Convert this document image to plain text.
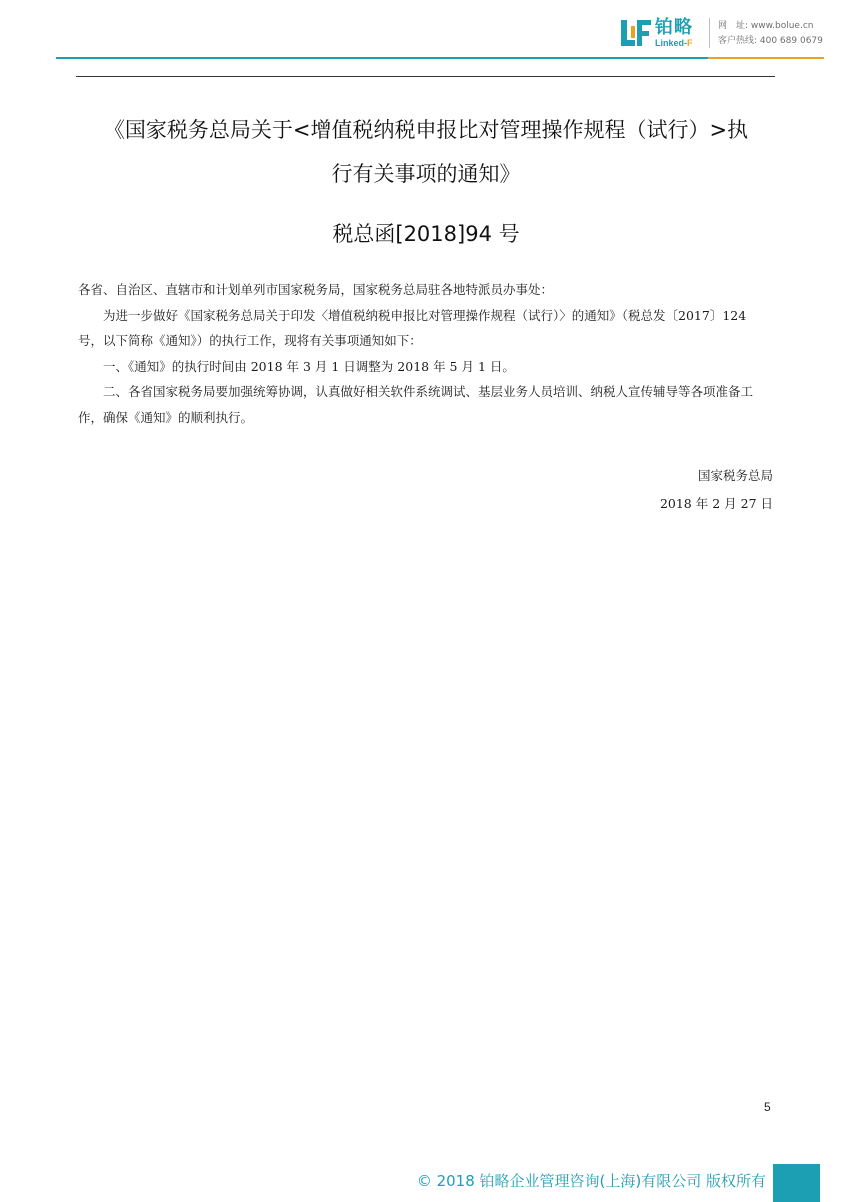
铂略
Linked-F
网　址: www.bolue.cn
客户热线: 400 689 0679
《国家税务总局关于<增值税纳税申报比对管理操作规程（试行）>执
行有关事项的通知》
税总函[2018]94 号

各省、自治区、直辖市和计划单列市国家税务局，国家税务总局驻各地特派员办事处：

为进一步做好《国家税务总局关于印发〈增值税纳税申报比对管理操作规程（试行）〉的通知》（税总发〔2017〕124 号，以下简称《通知》）的执行工作，现将有关事项通知如下：

一、《通知》的执行时间由 2018 年 3 月 1 日调整为 2018 年 5 月 1 日。

二、各省国家税务局要加强统筹协调，认真做好相关软件系统调试、基层业务人员培训、纳税人宣传辅导等各项准备工作，确保《通知》的顺利执行。

国家税务总局
2018 年 2 月 27 日
5
© 2018 铂略企业管理咨询(上海)有限公司 版权所有
